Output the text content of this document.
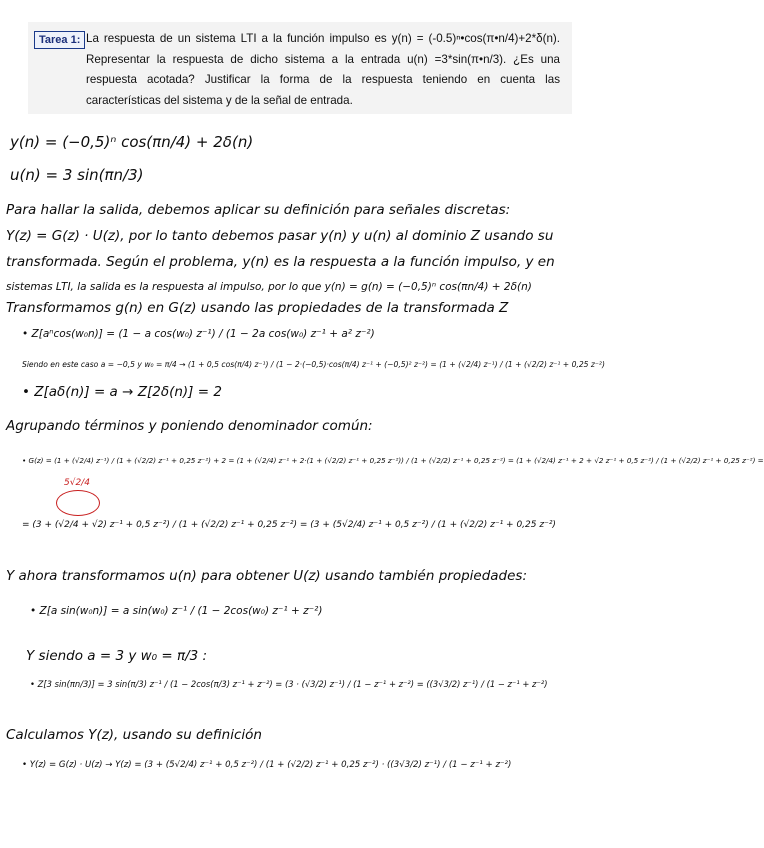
Tarea 1: La respuesta de un sistema LTI a la función impulso es y(n) = (-0.5)ⁿ•cos(π•n/4)+2*δ(n). Representar la respuesta de dicho sistema a la entrada u(n) =3*sin(π•n/3). ¿Es una respuesta acotada? Justificar la forma de la respuesta teniendo en cuenta las características del sistema y de la señal de entrada.
y(n) = (−0,5)ⁿ cos(πn/4) + 2δ(n)
u(n) = 3 sin(πn/3)
Para hallar la salida, debemos aplicar su definición para señales discretas:
Y(z) = G(z) · U(z), por lo tanto debemos pasar y(n) y u(n) al dominio Z usando su
transformada. Según el problema, y(n) es la respuesta a la función impulso, y en
sistemas LTI, la salida es la respuesta al impulso, por lo que y(n) = g(n) = (−0,5)ⁿ cos(πn/4) + 2δ(n)
Transformamos g(n) en G(z) usando las propiedades de la transformada Z
• Z[aⁿcos(w₀n)] = (1 − a cos(w₀) z⁻¹) / (1 − 2a cos(w₀) z⁻¹ + a² z⁻²)
Siendo en este caso a = −0,5 y w₀ = π/4 → (1 + 0,5 cos(π/4) z⁻¹) / (1 − 2·(−0,5)·cos(π/4) z⁻¹ + (−0,5)² z⁻²) = (1 + (√2/4) z⁻¹) / (1 + (√2/2) z⁻¹ + 0,25 z⁻²)
• Z[aδ(n)] = a → Z[2δ(n)] = 2
Agrupando términos y poniendo denominador común:
• G(z) = (1 + (√2/4) z⁻¹) / (1 + (√2/2) z⁻¹ + 0,25 z⁻²) + 2 = (1 + (√2/4) z⁻¹ + 2·(1 + (√2/2) z⁻¹ + 0,25 z⁻²)) / (1 + (√2/2) z⁻¹ + 0,25 z⁻²) = (1 + (√2/4) z⁻¹ + 2 + √2 z⁻¹ + 0,5 z⁻²) / (1 + (√2/2) z⁻¹ + 0,25 z⁻²) =
5√2/4
= (3 + (√2/4 + √2) z⁻¹ + 0,5 z⁻²) / (1 + (√2/2) z⁻¹ + 0,25 z⁻²) = (3 + (5√2/4) z⁻¹ + 0,5 z⁻²) / (1 + (√2/2) z⁻¹ + 0,25 z⁻²)
Y ahora transformamos u(n) para obtener U(z) usando también propiedades:
• Z[a sin(w₀n)] = a sin(w₀) z⁻¹ / (1 − 2cos(w₀) z⁻¹ + z⁻²)
Y siendo a = 3 y w₀ = π/3 :
• Z[3 sin(πn/3)] = 3 sin(π/3) z⁻¹ / (1 − 2cos(π/3) z⁻¹ + z⁻²) = (3 · (√3/2) z⁻¹) / (1 − z⁻¹ + z⁻²) = ((3√3/2) z⁻¹) / (1 − z⁻¹ + z⁻²)
Calculamos Y(z), usando su definición
• Y(z) = G(z) · U(z) → Y(z) = (3 + (5√2/4) z⁻¹ + 0,5 z⁻²) / (1 + (√2/2) z⁻¹ + 0,25 z⁻²) · ((3√3/2) z⁻¹) / (1 − z⁻¹ + z⁻²)
